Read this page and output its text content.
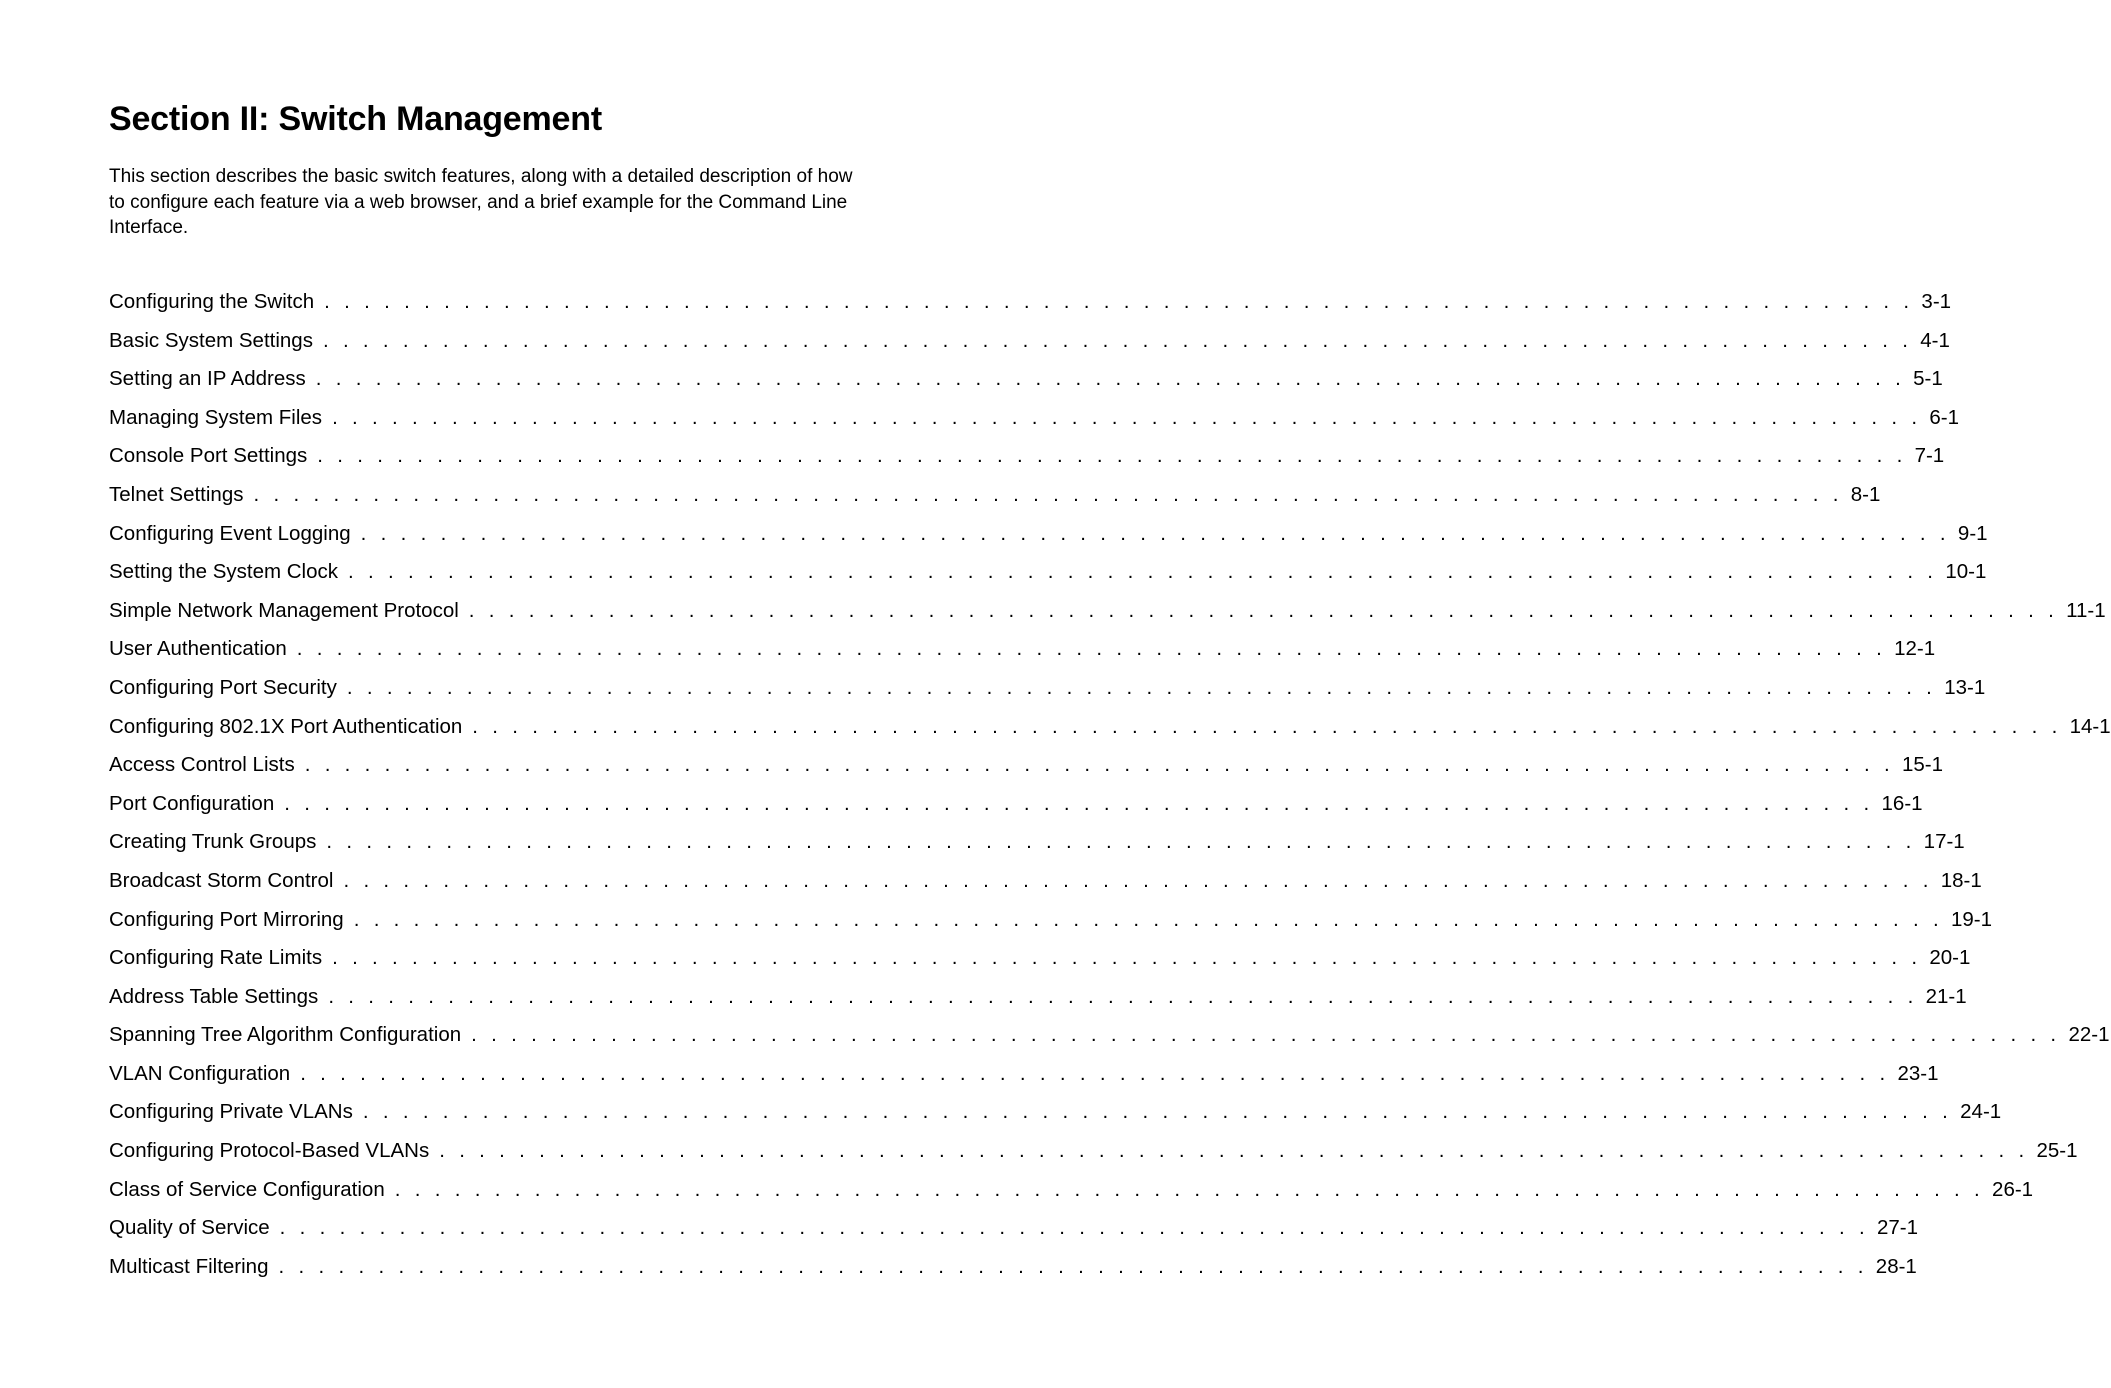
Section II: Switch Management

This section describes the basic switch features, along with a detailed description of how to configure each feature via a web browser, and a brief example for the Command Line Interface.

Configuring the Switch . . . . . . . . . . . . . . . . . . . . . . . . . . . . . . . . . . . . . . . . . . . . . . . . . . . . . . . . . . . . . . . . . . . . . . . . . . . . . . . . 3-1
Basic System Settings . . . . . . . . . . . . . . . . . . . . . . . . . . . . . . . . . . . . . . . . . . . . . . . . . . . . . . . . . . . . . . . . . . . . . . . . . . . . . . . . 4-1
Setting an IP Address . . . . . . . . . . . . . . . . . . . . . . . . . . . . . . . . . . . . . . . . . . . . . . . . . . . . . . . . . . . . . . . . . . . . . . . . . . . . . . . . 5-1
Managing System Files . . . . . . . . . . . . . . . . . . . . . . . . . . . . . . . . . . . . . . . . . . . . . . . . . . . . . . . . . . . . . . . . . . . . . . . . . . . . . . . . 6-1
Console Port Settings . . . . . . . . . . . . . . . . . . . . . . . . . . . . . . . . . . . . . . . . . . . . . . . . . . . . . . . . . . . . . . . . . . . . . . . . . . . . . . . . 7-1
Telnet Settings . . . . . . . . . . . . . . . . . . . . . . . . . . . . . . . . . . . . . . . . . . . . . . . . . . . . . . . . . . . . . . . . . . . . . . . . . . . . . . . . 8-1
Configuring Event Logging . . . . . . . . . . . . . . . . . . . . . . . . . . . . . . . . . . . . . . . . . . . . . . . . . . . . . . . . . . . . . . . . . . . . . . . . . . . . . . . . 9-1
Setting the System Clock . . . . . . . . . . . . . . . . . . . . . . . . . . . . . . . . . . . . . . . . . . . . . . . . . . . . . . . . . . . . . . . . . . . . . . . . . . . . . . . . 10-1
Simple Network Management Protocol . . . . . . . . . . . . . . . . . . . . . . . . . . . . . . . . . . . . . . . . . . . . . . . . . . . . . . . . . . . . . . . . . . . . . . . . . . . . . . . . 11-1
User Authentication . . . . . . . . . . . . . . . . . . . . . . . . . . . . . . . . . . . . . . . . . . . . . . . . . . . . . . . . . . . . . . . . . . . . . . . . . . . . . . . . 12-1
Configuring Port Security . . . . . . . . . . . . . . . . . . . . . . . . . . . . . . . . . . . . . . . . . . . . . . . . . . . . . . . . . . . . . . . . . . . . . . . . . . . . . . . . 13-1
Configuring 802.1X Port Authentication . . . . . . . . . . . . . . . . . . . . . . . . . . . . . . . . . . . . . . . . . . . . . . . . . . . . . . . . . . . . . . . . . . . . . . . . . . . . . . . . 14-1
Access Control Lists . . . . . . . . . . . . . . . . . . . . . . . . . . . . . . . . . . . . . . . . . . . . . . . . . . . . . . . . . . . . . . . . . . . . . . . . . . . . . . . . 15-1
Port Configuration . . . . . . . . . . . . . . . . . . . . . . . . . . . . . . . . . . . . . . . . . . . . . . . . . . . . . . . . . . . . . . . . . . . . . . . . . . . . . . . . 16-1
Creating Trunk Groups . . . . . . . . . . . . . . . . . . . . . . . . . . . . . . . . . . . . . . . . . . . . . . . . . . . . . . . . . . . . . . . . . . . . . . . . . . . . . . . . 17-1
Broadcast Storm Control . . . . . . . . . . . . . . . . . . . . . . . . . . . . . . . . . . . . . . . . . . . . . . . . . . . . . . . . . . . . . . . . . . . . . . . . . . . . . . . . 18-1
Configuring Port Mirroring . . . . . . . . . . . . . . . . . . . . . . . . . . . . . . . . . . . . . . . . . . . . . . . . . . . . . . . . . . . . . . . . . . . . . . . . . . . . . . . . 19-1
Configuring Rate Limits . . . . . . . . . . . . . . . . . . . . . . . . . . . . . . . . . . . . . . . . . . . . . . . . . . . . . . . . . . . . . . . . . . . . . . . . . . . . . . . . 20-1
Address Table Settings . . . . . . . . . . . . . . . . . . . . . . . . . . . . . . . . . . . . . . . . . . . . . . . . . . . . . . . . . . . . . . . . . . . . . . . . . . . . . . . . 21-1
Spanning Tree Algorithm Configuration . . . . . . . . . . . . . . . . . . . . . . . . . . . . . . . . . . . . . . . . . . . . . . . . . . . . . . . . . . . . . . . . . . . . . . . . . . . . . . . . 22-1
VLAN Configuration . . . . . . . . . . . . . . . . . . . . . . . . . . . . . . . . . . . . . . . . . . . . . . . . . . . . . . . . . . . . . . . . . . . . . . . . . . . . . . . . 23-1
Configuring Private VLANs . . . . . . . . . . . . . . . . . . . . . . . . . . . . . . . . . . . . . . . . . . . . . . . . . . . . . . . . . . . . . . . . . . . . . . . . . . . . . . . . 24-1
Configuring Protocol-Based VLANs . . . . . . . . . . . . . . . . . . . . . . . . . . . . . . . . . . . . . . . . . . . . . . . . . . . . . . . . . . . . . . . . . . . . . . . . . . . . . . . . 25-1
Class of Service Configuration . . . . . . . . . . . . . . . . . . . . . . . . . . . . . . . . . . . . . . . . . . . . . . . . . . . . . . . . . . . . . . . . . . . . . . . . . . . . . . . . 26-1
Quality of Service . . . . . . . . . . . . . . . . . . . . . . . . . . . . . . . . . . . . . . . . . . . . . . . . . . . . . . . . . . . . . . . . . . . . . . . . . . . . . . . . 27-1
Multicast Filtering . . . . . . . . . . . . . . . . . . . . . . . . . . . . . . . . . . . . . . . . . . . . . . . . . . . . . . . . . . . . . . . . . . . . . . . . . . . . . . . . 28-1
